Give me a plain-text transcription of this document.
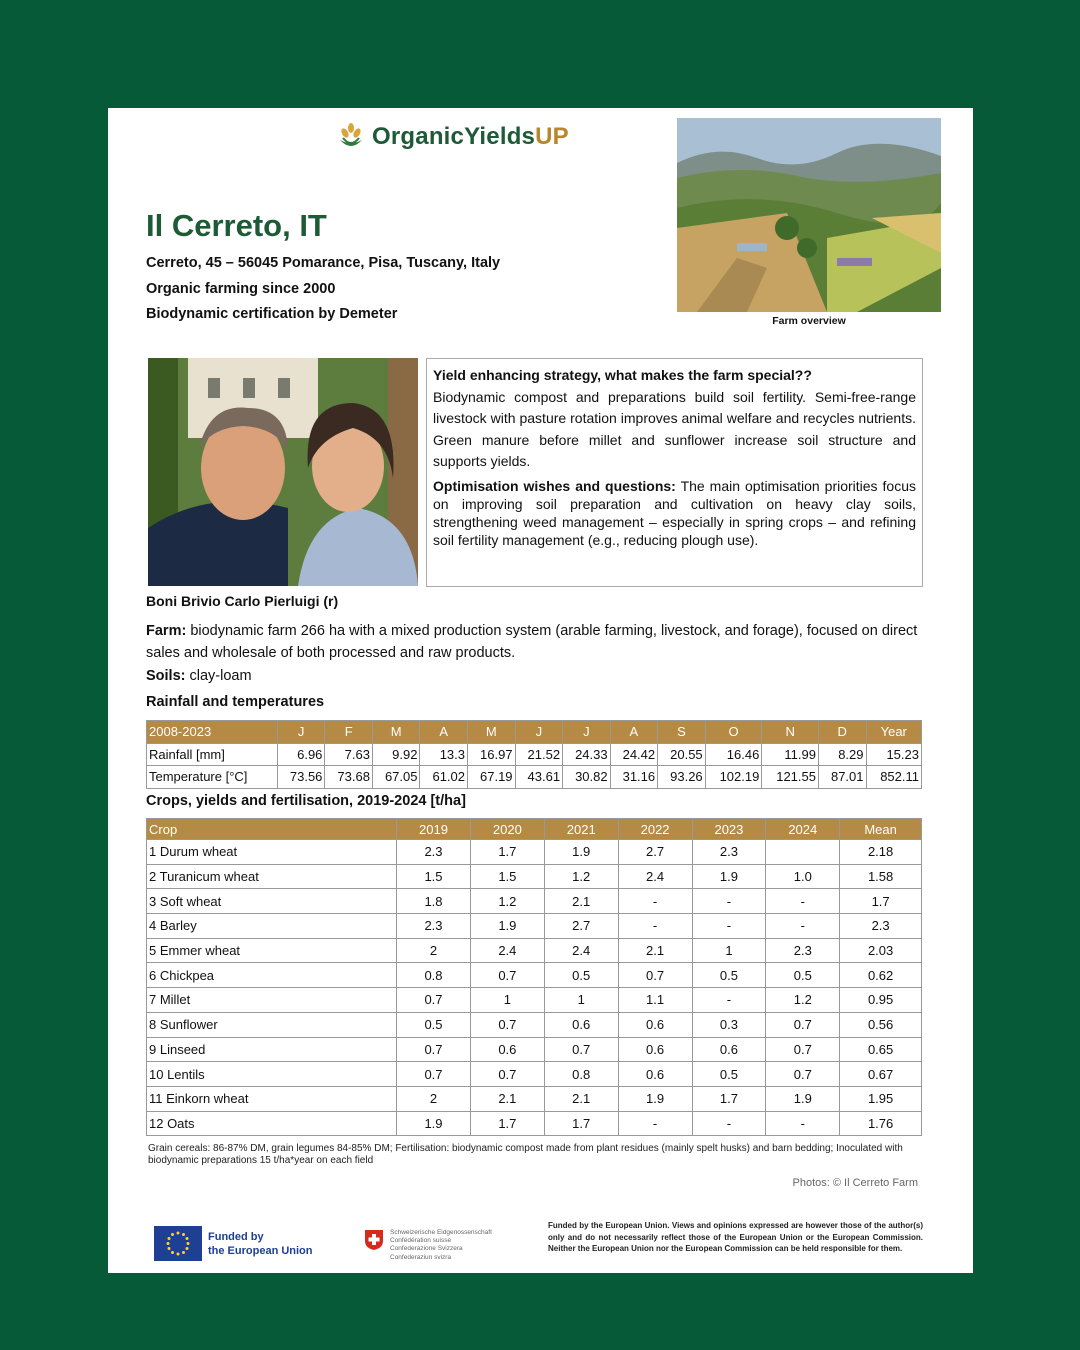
OrganicYieldsUP
Il Cerreto, IT
Cerreto, 45 – 56045 Pomarance, Pisa, Tuscany, Italy
Organic farming since 2000
Biodynamic certification by Demeter	Farm overview

Yield enhancing strategy, what makes the farm special??
Biodynamic compost and preparations build soil fertility. Semi-free-range livestock with pasture rotation improves animal welfare and recycles nutrients. Green manure before millet and sunflower increase soil structure and supports yields.

Optimisation wishes and questions: The main optimisation priorities focus on improving soil preparation and cultivation on heavy clay soils, strengthening weed management – especially in spring crops – and refining soil fertility management (e.g., reducing plough use).

Boni Brivio Carlo Pierluigi (r)
Farm: biodynamic farm 266 ha with a mixed production system (arable farming, livestock, and forage), focused on direct sales and wholesale of both processed and raw products.
Soils: clay-loam
Rainfall and temperatures
2008-2023	J	F	M	A	M	J	J	A	S	O	N	D	Year
Rainfall [mm]	6.96	7.63	9.92	13.3	16.97	21.52	24.33	24.42	20.55	16.46	11.99	8.29	15.23
Temperature [°C]	73.56	73.68	67.05	61.02	67.19	43.61	30.82	31.16	93.26	102.19	121.55	87.01	852.11
Crops, yields and fertilisation, 2019-2024 [t/ha]
Crop	2019	2020	2021	2022	2023	2024	Mean
1 Durum wheat	2.3	1.7	1.9	2.7	2.3		2.18
2 Turanicum wheat	1.5	1.5	1.2	2.4	1.9	1.0	1.58
3 Soft wheat	1.8	1.2	2.1	-	-	-	1.7
4 Barley	2.3	1.9	2.7	-	-	-	2.3
5 Emmer wheat	2	2.4	2.4	2.1	1	2.3	2.03
6 Chickpea	0.8	0.7	0.5	0.7	0.5	0.5	0.62
7 Millet	0.7	1	1	1.1	-	1.2	0.95
8 Sunflower	0.5	0.7	0.6	0.6	0.3	0.7	0.56
9 Linseed	0.7	0.6	0.7	0.6	0.6	0.7	0.65
10 Lentils	0.7	0.7	0.8	0.6	0.5	0.7	0.67
11 Einkorn wheat	2	2.1	2.1	1.9	1.7	1.9	1.95
12 Oats	1.9	1.7	1.7	-	-	-	1.76
Grain cereals: 86-87% DM, grain legumes 84-85% DM; Fertilisation: biodynamic compost made from plant residues (mainly spelt husks) and barn bedding; Inoculated with biodynamic preparations 15 t/ha*year on each field
Photos: © Il Cerreto Farm
Funded by
the European Union
Schweizerische Eidgenossenschaft
Confédération suisse
Confederazione Svizzera
Confederaziun svizra
Funded by the European Union. Views and opinions expressed are however those of the author(s) only and do not necessarily reflect those of the European Union or the European Commission. Neither the European Union nor the European Commission can be held responsible for them.
